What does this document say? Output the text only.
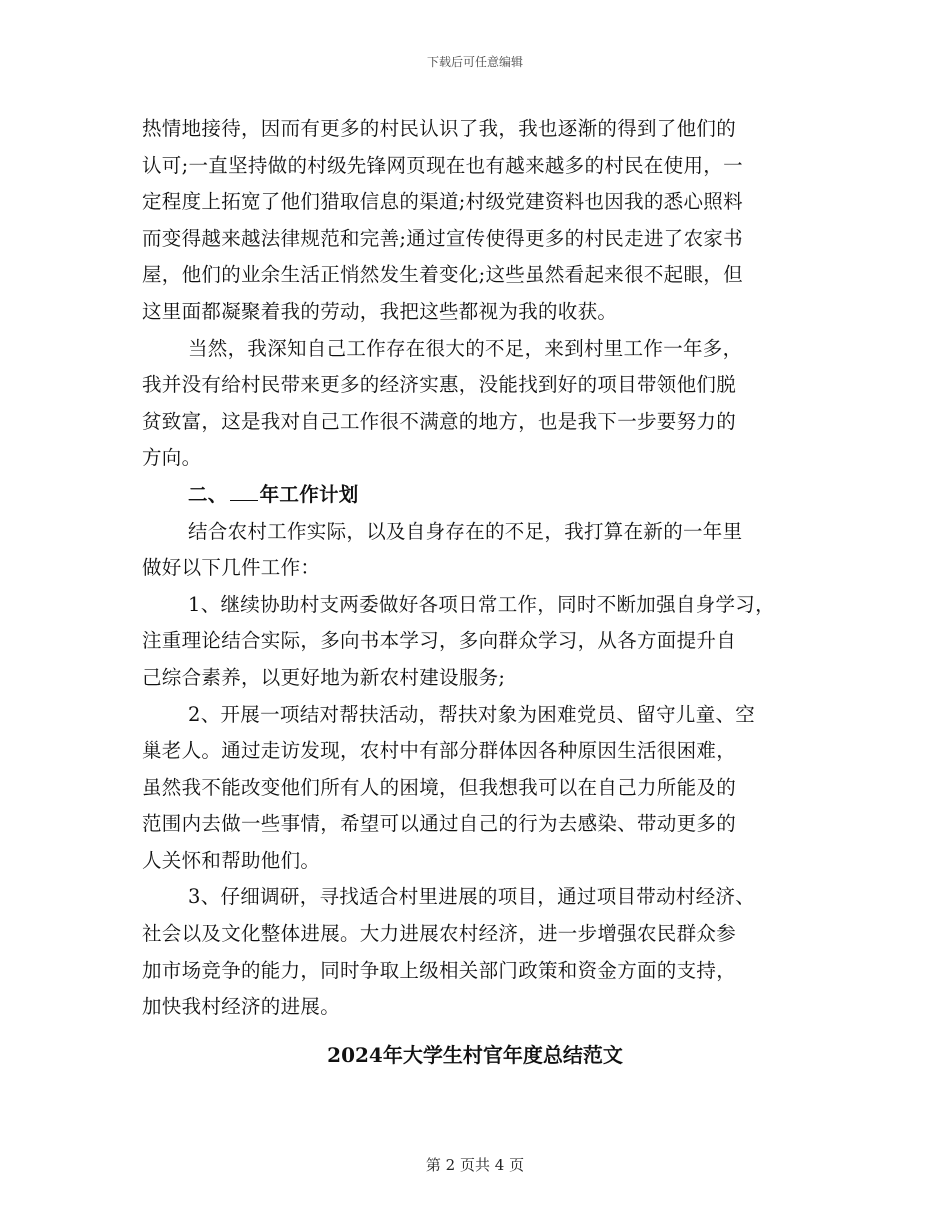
下载后可任意编辑
热情地接待，因而有更多的村民认识了我，我也逐渐的得到了他们的
认可;一直坚持做的村级先锋网页现在也有越来越多的村民在使用，一
定程度上拓宽了他们猎取信息的渠道;村级党建资料也因我的悉心照料
而变得越来越法律规范和完善;通过宣传使得更多的村民走进了农家书
屋，他们的业余生活正悄然发生着变化;这些虽然看起来很不起眼，但
这里面都凝聚着我的劳动，我把这些都视为我的收获。
当然，我深知自己工作存在很大的不足，来到村里工作一年多，
我并没有给村民带来更多的经济实惠，没能找到好的项目带领他们脱
贫致富，这是我对自己工作很不满意的地方，也是我下一步要努力的
方向。
二、 年工作计划
结合农村工作实际，以及自身存在的不足，我打算在新的一年里
做好以下几件工作：
1、继续协助村支两委做好各项日常工作，同时不断加强自身学习，
注重理论结合实际，多向书本学习，多向群众学习，从各方面提升自
己综合素养，以更好地为新农村建设服务;
2、开展一项结对帮扶活动，帮扶对象为困难党员、留守儿童、空
巢老人。通过走访发现，农村中有部分群体因各种原因生活很困难，
虽然我不能改变他们所有人的困境，但我想我可以在自己力所能及的
范围内去做一些事情，希望可以通过自己的行为去感染、带动更多的
人关怀和帮助他们。
3、仔细调研，寻找适合村里进展的项目，通过项目带动村经济、
社会以及文化整体进展。大力进展农村经济，进一步增强农民群众参
加市场竞争的能力，同时争取上级相关部门政策和资金方面的支持，
加快我村经济的进展。
2024年大学生村官年度总结范文
第 2 页共 4 页
